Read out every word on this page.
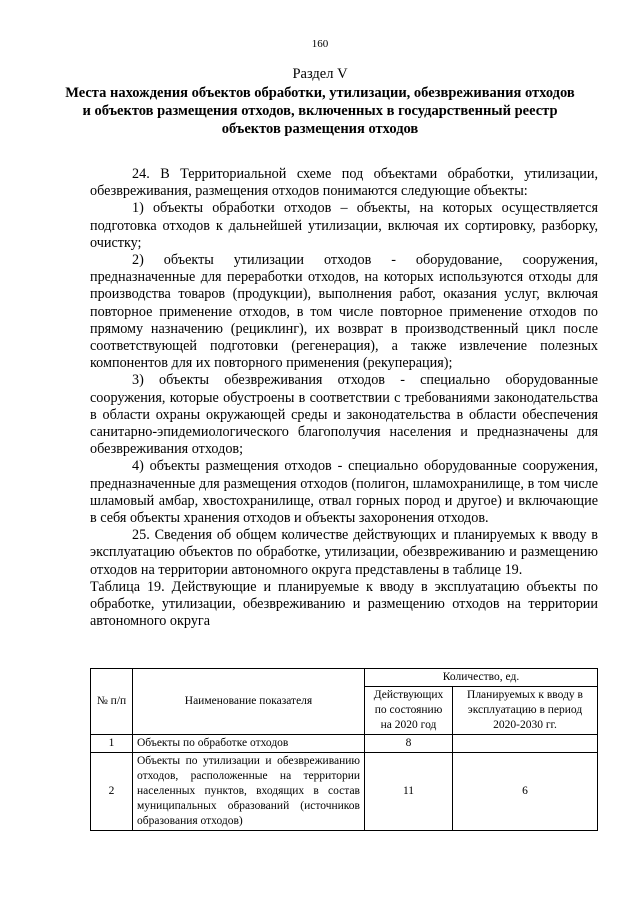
160
Раздел V
Места нахождения объектов обработки, утилизации, обезвреживания отходов и объектов размещения отходов, включенных в государственный реестр объектов размещения отходов

24. В Территориальной схеме под объектами обработки, утилизации, обезвреживания, размещения отходов понимаются следующие объекты:

1) объекты обработки отходов – объекты, на которых осуществляется подготовка отходов к дальнейшей утилизации, включая их сортировку, разборку, очистку;

2) объекты утилизации отходов - оборудование, сооружения, предназначенные для переработки отходов, на которых используются отходы для производства товаров (продукции), выполнения работ, оказания услуг, включая повторное применение отходов, в том числе повторное применение отходов по прямому назначению (рециклинг), их возврат в производственный цикл после соответствующей подготовки (регенерация), а также извлечение полезных компонентов для их повторного применения (рекуперация);

3) объекты обезвреживания отходов - специально оборудованные сооружения, которые обустроены в соответствии с требованиями законодательства в области охраны окружающей среды и законодательства в области обеспечения санитарно-эпидемиологического благополучия населения и предназначены для обезвреживания отходов;

4) объекты размещения отходов - специально оборудованные сооружения, предназначенные для размещения отходов (полигон, шламохранилище, в том числе шламовый амбар, хвостохранилище, отвал горных пород и другое) и включающие в себя объекты хранения отходов и объекты захоронения отходов.

25. Сведения об общем количестве действующих и планируемых к вводу в эксплуатацию объектов по обработке, утилизации, обезвреживанию и размещению отходов на территории автономного округа представлены в таблице 19.

Таблица 19. Действующие и планируемые к вводу в эксплуатацию объекты по обработке, утилизации, обезвреживанию и размещению отходов на территории автономного округа

№ п/п	Наименование показателя	Количество, ед.	
		Действующих по состоянию на 2020 год	Планируемых к вводу в эксплуатацию в период 2020-2030 гг.
1	Объекты по обработке отходов	8	
2	Объекты по утилизации и обезвреживанию отходов, расположенные на территории населенных пунктов, входящих в состав муниципальных образований (источников образования отходов)	11	6
